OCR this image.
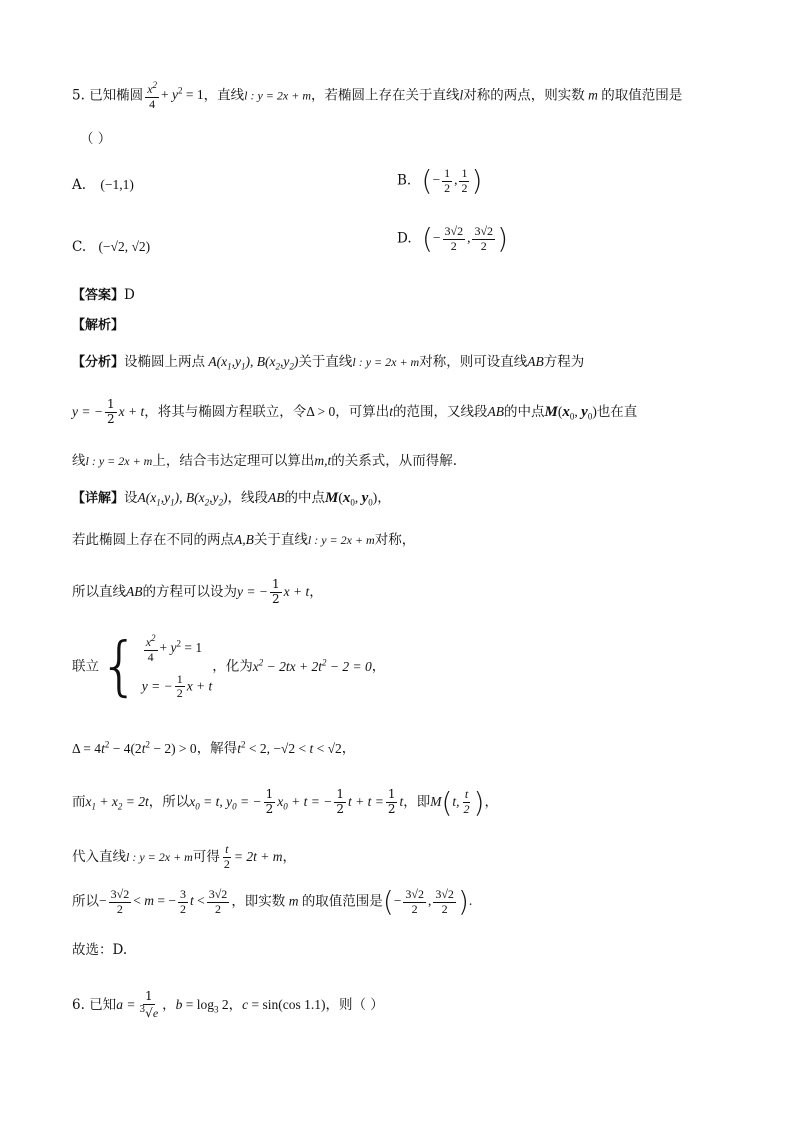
5. 已知椭圆 $\frac{x^2}{4} + y^2 = 1$，直线l : y = 2x + m，若椭圆上存在关于直线l对称的两点，则实数 m 的取值范围是
（ ）
A. (−1,1)	B. (− $\frac{1}{2}$ , $\frac{1}{2}$ )
C. (−√2, √2)
D. (− $\frac{3√2}{2}$ , $\frac{3√2}{2}$ )
【答案】D
【解析】
【分析】设椭圆上两点 $A(x_1,y_1)$, $B(x_2,y_2)$关于直线l : y = 2x + m对称，则可设直线AB方程为
y = − $\frac{1}{2}$ x + t，将其与椭圆方程联立，令Δ > 0，可算出t的范围，又线段AB的中点$M(x_0$, $y_0$)也在直
线l : y = 2x + m上，结合韦达定理可以算出m,t的关系式，从而得解.
【详解】设$A(x_1,y_1)$, $B(x_2,y_2)$，线段AB的中点$M(x_0$, $y_0$)，
若此椭圆上存在不同的两点A,B关于直线l : y = 2x + m对称，
所以直线AB的方程可以设为y = − $\frac{1}{2}$ x + t，
联立 { $\frac{x^2}{4} + y^2 = 1$
y = − $\frac{1}{2}$ x + t
，化为$x^2 - 2tx + 2t^2 - 2 = 0$，
$\Delta = 4t^2 - 4(2t^2 - 2) > 0$，解得$t^2 < 2$, −√2 < t < √2，
而$x_1 + x_2 = 2t$，所以$x_0 = t$, $y_0$ = − $\frac{1}{2} x_0 + t$ = − $\frac{1}{2}$ $t + t = \frac{1}{2}$ t，即M(t, $\frac{t}{2}$ )，
代入直线l : y = 2x + m可得 $\frac{t}{2} = 2t + m$，
所以− $\frac{3√2}{2} < m$ = − $\frac{3}{2}$ $t < \frac{3√2}{2}$ ，即实数 m 的取值范围是(− $\frac{3√2}{2}$ , $\frac{3√2}{2}$ ).
故选：D.
6. 已知$a = \frac{1}{^3√e}$ ，$b = \log_3 2$，c = sin(cos 1.1)，则（ ）
